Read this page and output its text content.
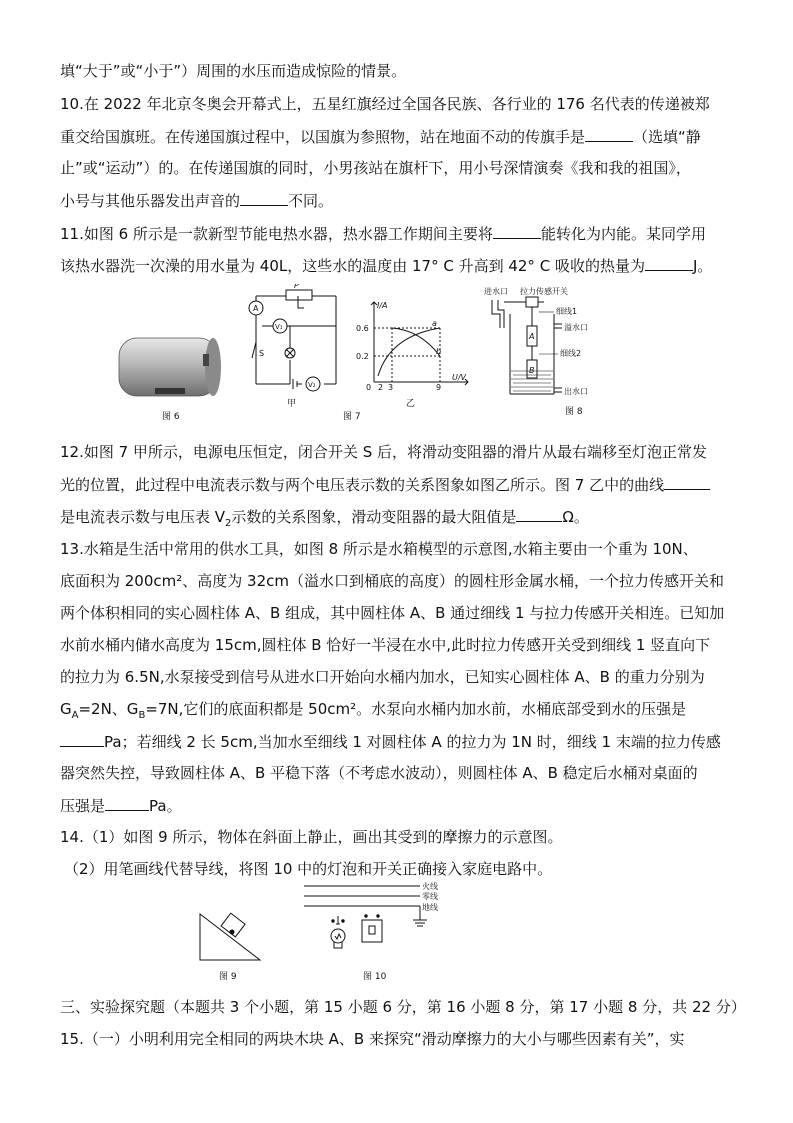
填“大于”或“小于”）周围的水压而造成惊险的情景。
10.在 2022 年北京冬奥会开幕式上，五星红旗经过全国各民族、各行业的 176 名代表的传递被郑
重交给国旗班。在传递国旗过程中，以国旗为参照物，站在地面不动的传旗手是	（选填“静
止”或“运动”）的。在传递国旗的同时，小男孩站在旗杆下，用小号深情演奏《我和我的祖国》，
小号与其他乐器发出声音的	不同。
11.如图 6 所示是一款新型节能电热水器，热水器工作期间主要将	能转化为内能。某同学用
该热水器洗一次澡的用水量为 40L，这些水的温度由 17° C 升高到 42° C 吸收的热量为	J。
图 6
A
V₁
V₂
P
S
甲
I/A
U/V
0.6
0.2
0 2 3	9
a
b
乙
图 7
进水口 拉力传感开关
A
B
细线1
溢水口
细线2
出水口
图 8
12.如图 7 甲所示，电源电压恒定，闭合开关 S 后，将滑动变阻器的滑片从最右端移至灯泡正常发
光的位置，此过程中电流表示数与两个电压表示数的关系图象如图乙所示。图 7 乙中的曲线
是电流表示数与电压表 $V_2$示数的关系图象，滑动变阻器的最大阻值是	Ω。
13.水箱是生活中常用的供水工具，如图 8 所示是水箱模型的示意图,水箱主要由一个重为 10N、
底面积为 200cm²、高度为 32cm（溢水口到桶底的高度）的圆柱形金属水桶，一个拉力传感开关和
两个体积相同的实心圆柱体 A、B 组成，其中圆柱体 A、B 通过细线 1 与拉力传感开关相连。已知加
水前水桶内储水高度为 15cm,圆柱体 B 恰好一半浸在水中,此时拉力传感开关受到细线 1 竖直向下
的拉力为 6.5N,水泵接受到信号从进水口开始向水桶内加水，已知实心圆柱体 A、B 的重力分别为
$G_A=2N$、$G_B=7N$,它们的底面积都是 50cm²。水泵向水桶内加水前，水桶底部受到水的压强是
Pa；若细线 2 长 5cm,当加水至细线 1 对圆柱体 A 的拉力为 1N 时，细线 1 末端的拉力传感
器突然失控，导致圆柱体 A、B 平稳下落（不考虑水波动），则圆柱体 A、B 稳定后水桶对桌面的
压强是	Pa。
14.（1）如图 9 所示，物体在斜面上静止，画出其受到的摩擦力的示意图。
（2）用笔画线代替导线，将图 10 中的灯泡和开关正确接入家庭电路中。
图 9
火线
零线
地线
图 10
三、实验探究题（本题共 3 个小题，第 15 小题 6 分，第 16 小题 8 分，第 17 小题 8 分，共 22 分）
15.（一）小明利用完全相同的两块木块 A、B 来探究“滑动摩擦力的大小与哪些因素有关”，实
